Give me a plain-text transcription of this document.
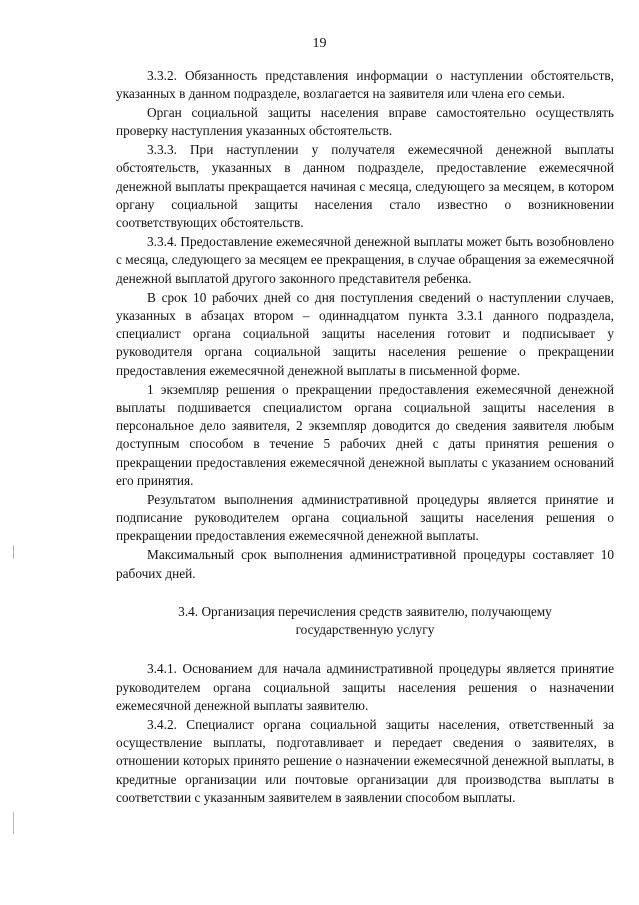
19

3.3.2. Обязанность представления информации о наступлении обстоятельств, указанных в данном подразделе, возлагается на заявителя или члена его семьи.

Орган социальной защиты населения вправе самостоятельно осуществлять проверку наступления указанных обстоятельств.

3.3.3. При наступлении у получателя ежемесячной денежной выплаты обстоятельств, указанных в данном подразделе, предоставление ежемесячной денежной выплаты прекращается начиная с месяца, следующего за месяцем, в котором органу социальной защиты населения стало известно о возникновении соответствующих обстоятельств.

3.3.4. Предоставление ежемесячной денежной выплаты может быть возобновлено с месяца, следующего за месяцем ее прекращения, в случае обращения за ежемесячной денежной выплатой другого законного представителя ребенка.

В срок 10 рабочих дней со дня поступления сведений о наступлении случаев, указанных в абзацах втором – одиннадцатом пункта 3.3.1 данного подраздела, специалист органа социальной защиты населения готовит и подписывает у руководителя органа социальной защиты населения решение о прекращении предоставления ежемесячной денежной выплаты в письменной форме.

1 экземпляр решения о прекращении предоставления ежемесячной денежной выплаты подшивается специалистом органа социальной защиты населения в персональное дело заявителя, 2 экземпляр доводится до сведения заявителя любым доступным способом в течение 5 рабочих дней с даты принятия решения о прекращении предоставления ежемесячной денежной выплаты с указанием оснований его принятия.

Результатом выполнения административной процедуры является принятие и подписание руководителем органа социальной защиты населения решения о прекращении предоставления ежемесячной денежной выплаты.

Максимальный срок выполнения административной процедуры составляет 10 рабочих дней.

3.4. Организация перечисления средств заявителю, получающему государственную услугу

3.4.1. Основанием для начала административной процедуры является принятие руководителем органа социальной защиты населения решения о назначении ежемесячной денежной выплаты заявителю.

3.4.2. Специалист органа социальной защиты населения, ответственный за осуществление выплаты, подготавливает и передает сведения о заявителях, в отношении которых принято решение о назначении ежемесячной денежной выплаты, в кредитные организации или почтовые организации для производства выплаты в соответствии с указанным заявителем в заявлении способом выплаты.
